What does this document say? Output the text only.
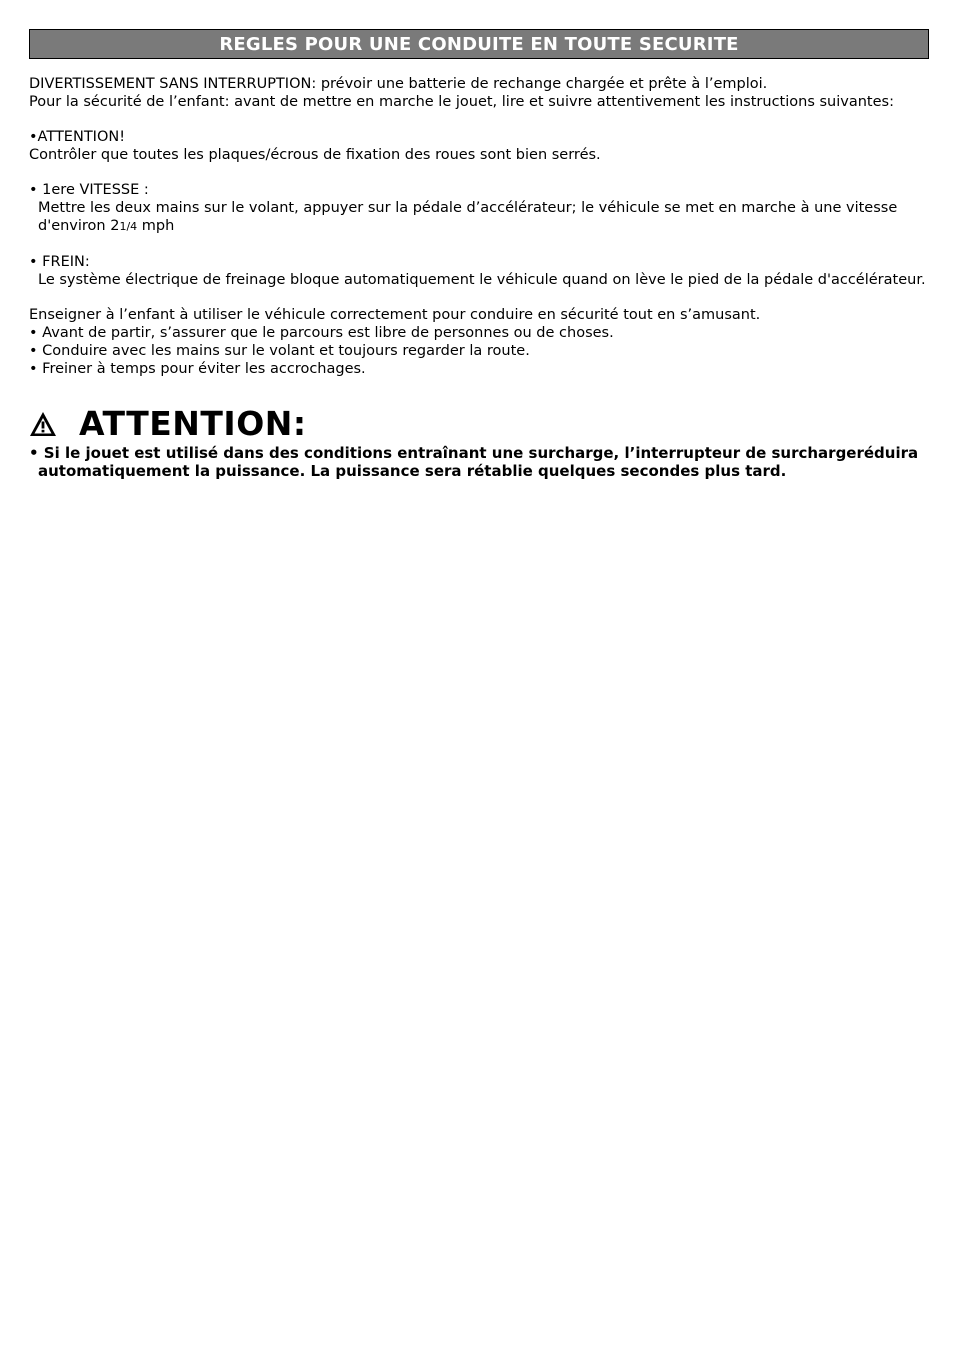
REGLES POUR UNE CONDUITE EN TOUTE SECURITE
DIVERTISSEMENT SANS INTERRUPTION: prévoir une batterie de rechange chargée et prête à l’emploi.
Pour la sécurité de l’enfant: avant de mettre en marche le jouet, lire et suivre attentivement les instructions suivantes:
•ATTENTION!
Contrôler que toutes les plaques/écrous de fixation des roues sont bien serrés.
• 1ere VITESSE :
Mettre les deux mains sur le volant, appuyer sur la pédale d’accélérateur; le véhicule se met en marche à une vitesse
d'environ 21/4 mph
• FREIN:
Le système électrique de freinage bloque automatiquement le véhicule quand on lève le pied de la pédale d'accélérateur.
Enseigner à l’enfant à utiliser le véhicule correctement pour conduire en sécurité tout en s’amusant.
• Avant de partir, s’assurer que le parcours est libre de personnes ou de choses.
• Conduire avec les mains sur le volant et toujours regarder la route.
• Freiner à temps pour éviter les accrochages.
ATTENTION:
• Si le jouet est utilisé dans des conditions entraînant une surcharge, l’interrupteur de surchargeréduira
automatiquement la puissance. La puissance sera rétablie quelques secondes plus tard.
